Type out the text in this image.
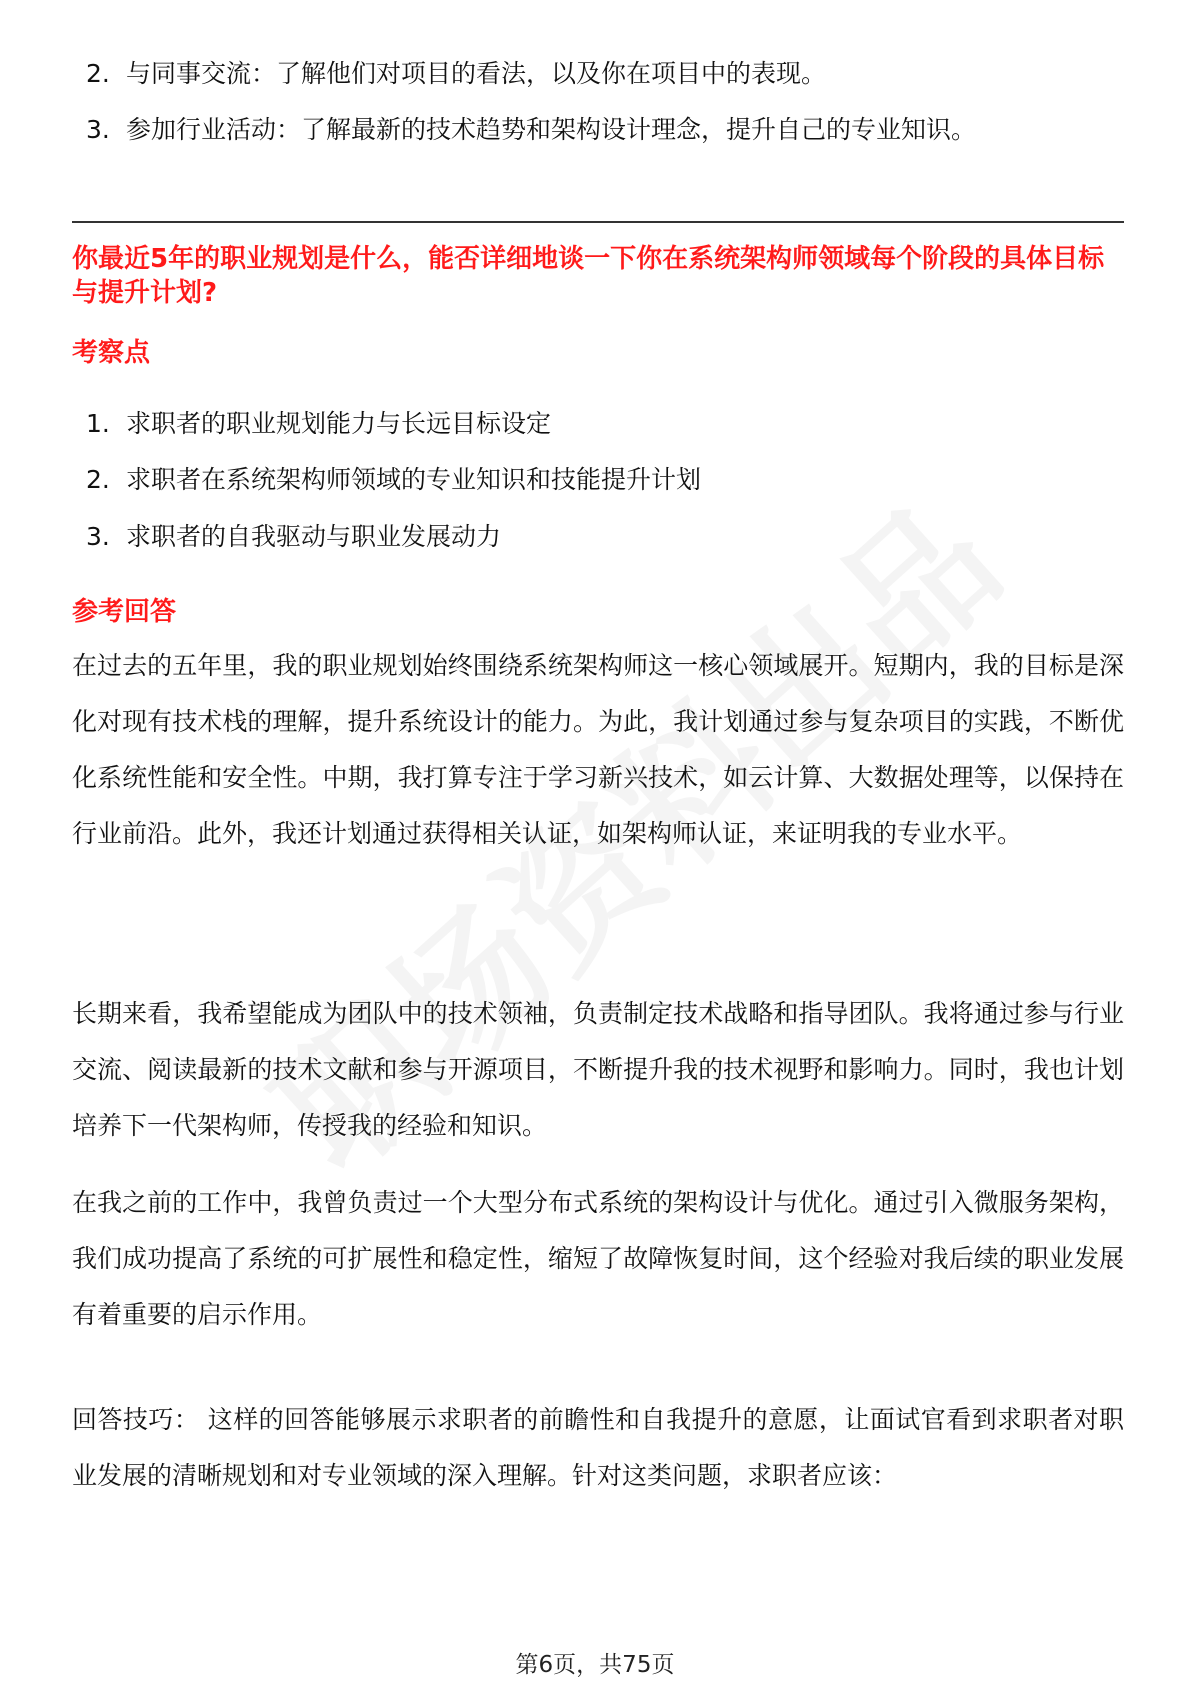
2. 与同事交流：了解他们对项目的看法，以及你在项目中的表现。
3. 参加行业活动：了解最新的技术趋势和架构设计理念，提升自己的专业知识。
你最近5年的职业规划是什么，能否详细地谈一下你在系统架构师领域每个阶段的具体目标与提升计划?
考察点
1. 求职者的职业规划能力与长远目标设定
2. 求职者在系统架构师领域的专业知识和技能提升计划
3. 求职者的自我驱动与职业发展动力
参考回答

在过去的五年里，我的职业规划始终围绕系统架构师这一核心领域展开。短期内，我的目标是深化对现有技术栈的理解，提升系统设计的能力。为此，我计划通过参与复杂项目的实践，不断优化系统性能和安全性。中期，我打算专注于学习新兴技术，如云计算、大数据处理等，以保持在行业前沿。此外，我还计划通过获得相关认证，如架构师认证，来证明我的专业水平。

长期来看，我希望能成为团队中的技术领袖，负责制定技术战略和指导团队。我将通过参与行业交流、阅读最新的技术文献和参与开源项目，不断提升我的技术视野和影响力。同时，我也计划培养下一代架构师，传授我的经验和知识。

在我之前的工作中，我曾负责过一个大型分布式系统的架构设计与优化。通过引入微服务架构，我们成功提高了系统的可扩展性和稳定性，缩短了故障恢复时间，这个经验对我后续的职业发展有着重要的启示作用。

回答技巧： 这样的回答能够展示求职者的前瞻性和自我提升的意愿，让面试官看到求职者对职业发展的清晰规划和对专业领域的深入理解。针对这类问题，求职者应该：

第6页，共75页
